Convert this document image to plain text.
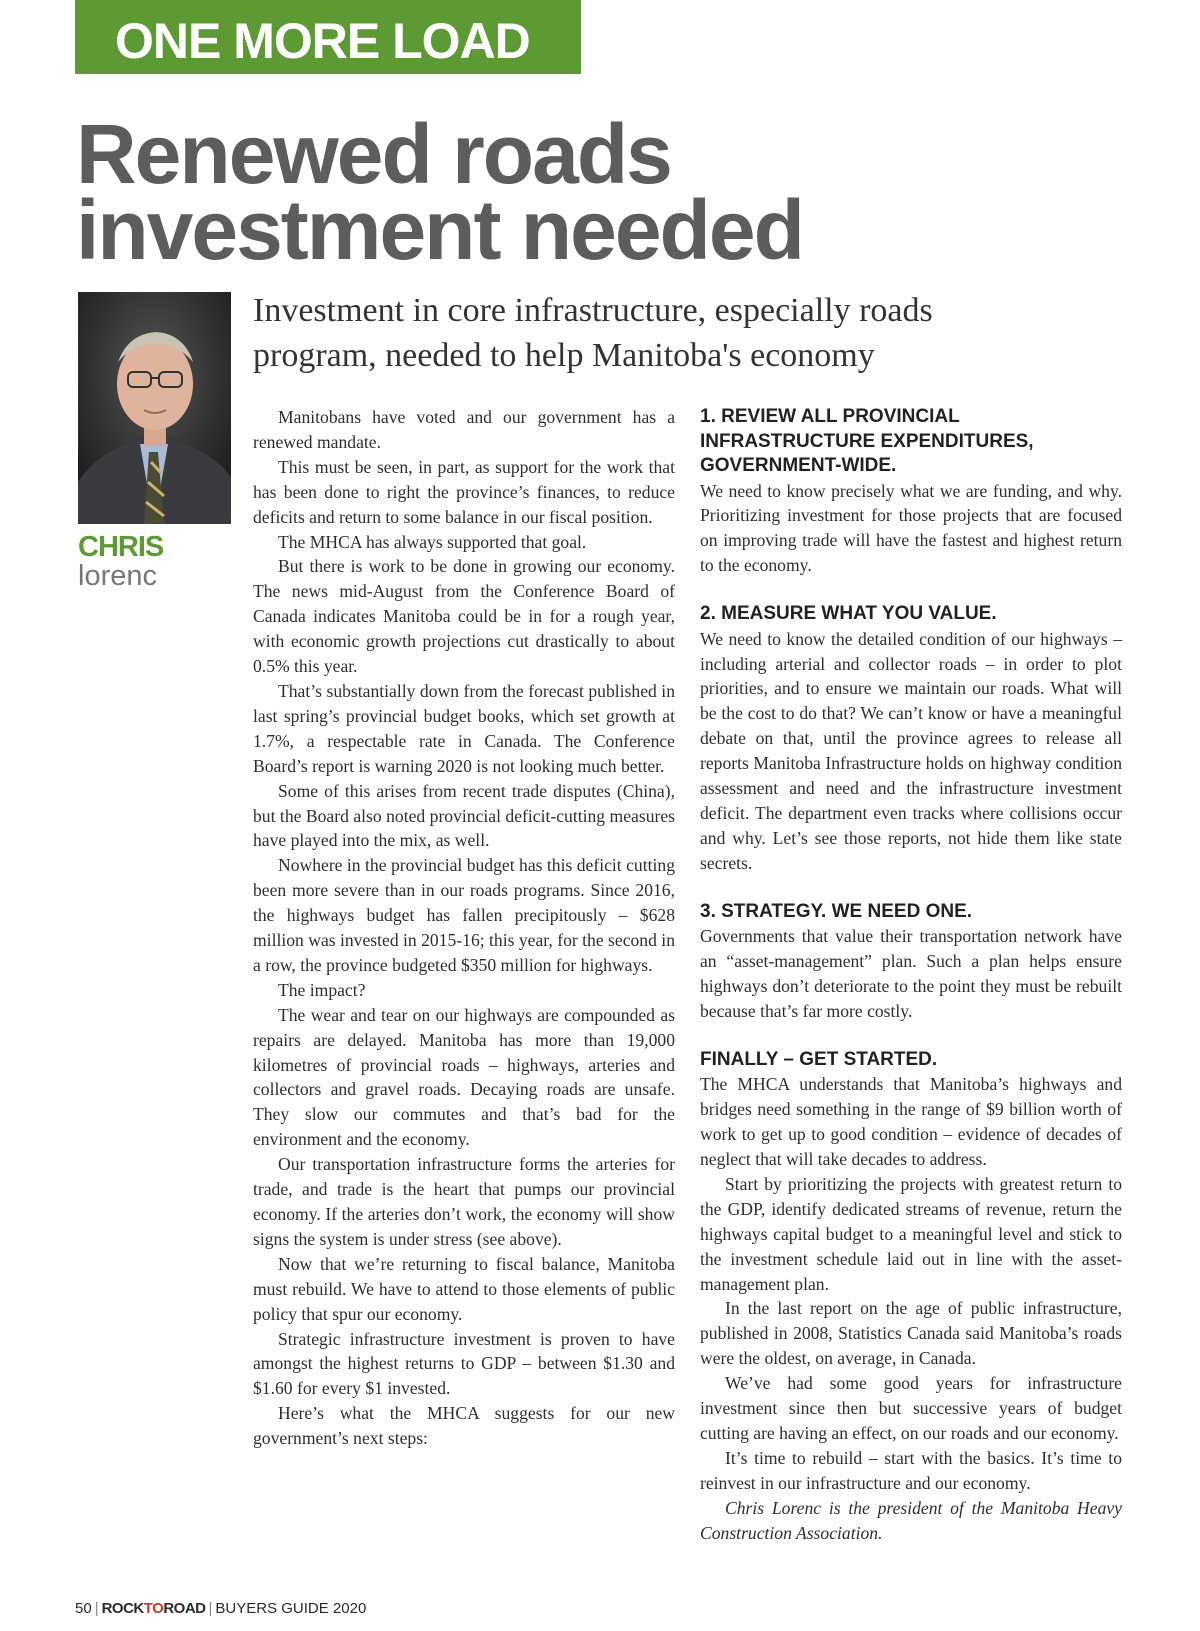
ONE MORE LOAD
Renewed roads
investment needed
CHRIS
lorenc
Investment in core infrastructure, especially roads
program, needed to help Manitoba's economy

Manitobans have voted and our government has a renewed mandate.

This must be seen, in part, as support for the work that has been done to right the province’s finances, to reduce deficits and return to some balance in our fiscal position.

The MHCA has always supported that goal.

But there is work to be done in growing our economy. The news mid-August from the Conference Board of Canada indicates Manitoba could be in for a rough year, with economic growth projections cut drastically to about 0.5% this year.

That’s substantially down from the forecast published in last spring’s provincial budget books, which set growth at 1.7%, a respectable rate in Canada. The Conference Board’s report is warning 2020 is not looking much better.

Some of this arises from recent trade disputes (China), but the Board also noted provincial deficit-cutting measures have played into the mix, as well.

Nowhere in the provincial budget has this deficit cutting been more severe than in our roads programs. Since 2016, the highways budget has fallen precipitously – $628 million was invested in 2015-16; this year, for the second in a row, the province budgeted $350 million for highways.

The impact?

The wear and tear on our highways are compounded as repairs are delayed. Manitoba has more than 19,000 kilometres of provincial roads – highways, arteries and collectors and gravel roads. Decaying roads are unsafe. They slow our commutes and that’s bad for the environment and the economy.

Our transportation infrastructure forms the arteries for trade, and trade is the heart that pumps our provincial economy. If the arteries don’t work, the economy will show signs the system is under stress (see above).

Now that we’re returning to fiscal balance, Manitoba must rebuild. We have to attend to those elements of public policy that spur our economy.

Strategic infrastructure investment is proven to have amongst the highest returns to GDP – between $1.30 and $1.60 for every $1 invested.

Here’s what the MHCA suggests for our new government’s next steps:

1. REVIEW ALL PROVINCIAL INFRASTRUCTURE EXPENDITURES, GOVERNMENT-WIDE.

We need to know precisely what we are funding, and why. Prioritizing investment for those projects that are focused on improving trade will have the fastest and highest return to the economy.

2. MEASURE WHAT YOU VALUE.

We need to know the detailed condition of our highways – including arterial and collector roads – in order to plot priorities, and to ensure we maintain our roads. What will be the cost to do that? We can’t know or have a meaningful debate on that, until the province agrees to release all reports Manitoba Infrastructure holds on highway condition assessment and need and the infrastructure investment deficit. The department even tracks where collisions occur and why. Let’s see those reports, not hide them like state secrets.

3. STRATEGY. WE NEED ONE.

Governments that value their transportation network have an “asset-management” plan. Such a plan helps ensure highways don’t deteriorate to the point they must be rebuilt because that’s far more costly.

FINALLY – GET STARTED.

The MHCA understands that Manitoba’s highways and bridges need something in the range of $9 billion worth of work to get up to good condition – evidence of decades of neglect that will take decades to address.

Start by prioritizing the projects with greatest return to the GDP, identify dedicated streams of revenue, return the highways capital budget to a meaningful level and stick to the investment schedule laid out in line with the asset-management plan.

In the last report on the age of public infrastructure, published in 2008, Statistics Canada said Manitoba’s roads were the oldest, on average, in Canada.

We’ve had some good years for infrastructure investment since then but successive years of budget cutting are having an effect, on our roads and our economy.

It’s time to rebuild – start with the basics. It’s time to reinvest in our infrastructure and our economy.

Chris Lorenc is the president of the Manitoba Heavy Construction Association.

50 | ROCKTOROAD | BUYERS GUIDE 2020
